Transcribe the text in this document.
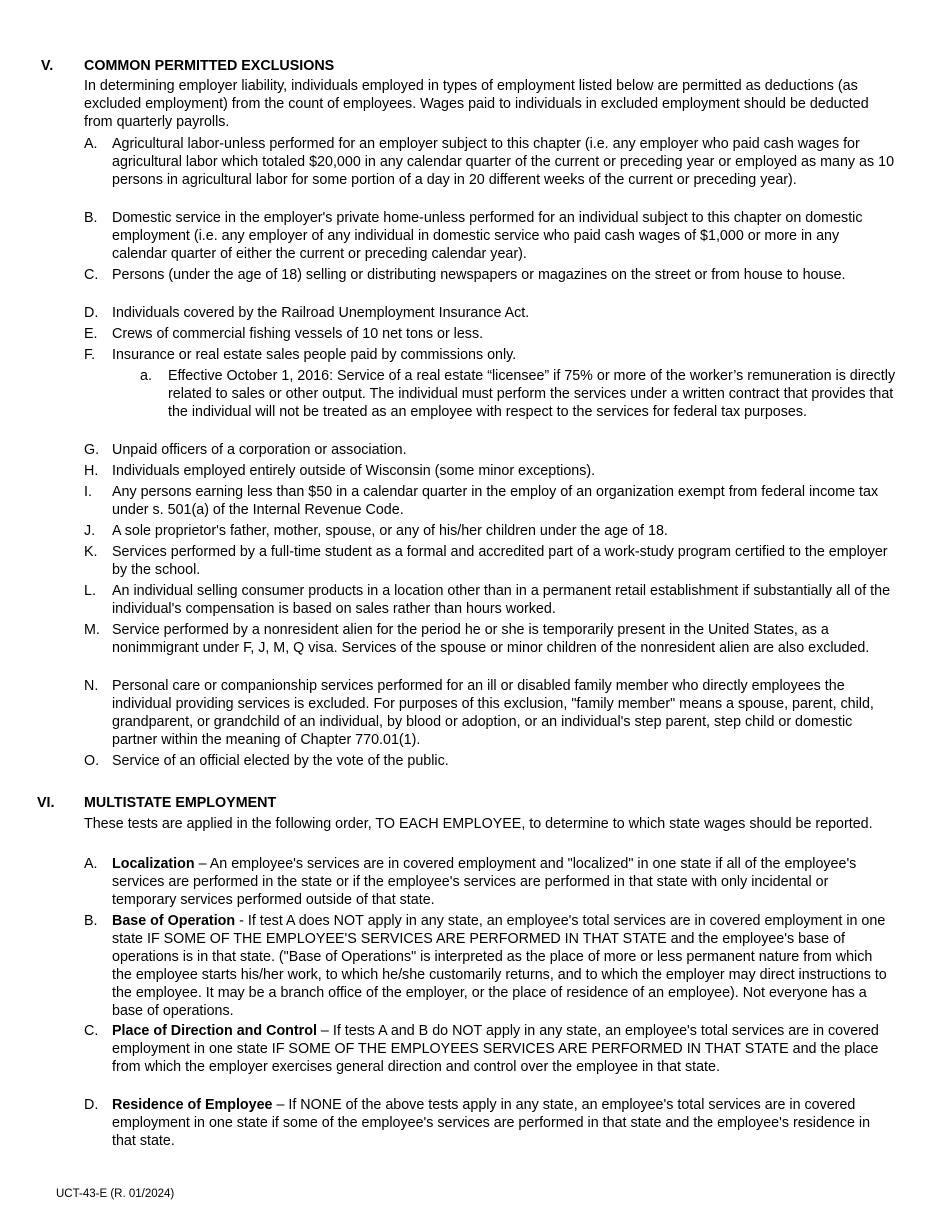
V. COMMON PERMITTED EXCLUSIONS
In determining employer liability, individuals employed in types of employment listed below are permitted as deductions (as excluded employment) from the count of employees. Wages paid to individuals in excluded employment should be deducted from quarterly payrolls.
A. Agricultural labor-unless performed for an employer subject to this chapter (i.e. any employer who paid cash wages for agricultural labor which totaled $20,000 in any calendar quarter of the current or preceding year or employed as many as 10 persons in agricultural labor for some portion of a day in 20 different weeks of the current or preceding year).
B. Domestic service in the employer's private home-unless performed for an individual subject to this chapter on domestic employment (i.e. any employer of any individual in domestic service who paid cash wages of $1,000 or more in any calendar quarter of either the current or preceding calendar year).
C. Persons (under the age of 18) selling or distributing newspapers or magazines on the street or from house to house.
D. Individuals covered by the Railroad Unemployment Insurance Act.
E. Crews of commercial fishing vessels of 10 net tons or less.
F. Insurance or real estate sales people paid by commissions only.
a. Effective October 1, 2016: Service of a real estate “licensee” if 75% or more of the worker’s remuneration is directly related to sales or other output. The individual must perform the services under a written contract that provides that the individual will not be treated as an employee with respect to the services for federal tax purposes.
G. Unpaid officers of a corporation or association.
H. Individuals employed entirely outside of Wisconsin (some minor exceptions).
I. Any persons earning less than $50 in a calendar quarter in the employ of an organization exempt from federal income tax under s. 501(a) of the Internal Revenue Code.
J. A sole proprietor's father, mother, spouse, or any of his/her children under the age of 18.
K. Services performed by a full-time student as a formal and accredited part of a work-study program certified to the employer by the school.
L. An individual selling consumer products in a location other than in a permanent retail establishment if substantially all of the individual's compensation is based on sales rather than hours worked.
M. Service performed by a nonresident alien for the period he or she is temporarily present in the United States, as a nonimmigrant under F, J, M, Q visa. Services of the spouse or minor children of the nonresident alien are also excluded.
N. Personal care or companionship services performed for an ill or disabled family member who directly employees the individual providing services is excluded. For purposes of this exclusion, "family member" means a spouse, parent, child, grandparent, or grandchild of an individual, by blood or adoption, or an individual's step parent, step child or domestic partner within the meaning of Chapter 770.01(1).
O. Service of an official elected by the vote of the public.
VI. MULTISTATE EMPLOYMENT
These tests are applied in the following order, TO EACH EMPLOYEE, to determine to which state wages should be reported.
A. Localization – An employee's services are in covered employment and "localized" in one state if all of the employee's services are performed in the state or if the employee's services are performed in that state with only incidental or temporary services performed outside of that state.
B. Base of Operation - If test A does NOT apply in any state, an employee's total services are in covered employment in one state IF SOME OF THE EMPLOYEE'S SERVICES ARE PERFORMED IN THAT STATE and the employee's base of operations is in that state. ("Base of Operations" is interpreted as the place of more or less permanent nature from which the employee starts his/her work, to which he/she customarily returns, and to which the employer may direct instructions to the employee. It may be a branch office of the employer, or the place of residence of an employee). Not everyone has a base of operations.
C. Place of Direction and Control – If tests A and B do NOT apply in any state, an employee's total services are in covered employment in one state IF SOME OF THE EMPLOYEES SERVICES ARE PERFORMED IN THAT STATE and the place from which the employer exercises general direction and control over the employee in that state.
D. Residence of Employee – If NONE of the above tests apply in any state, an employee's total services are in covered employment in one state if some of the employee's services are performed in that state and the employee's residence in that state.
UCT-43-E (R. 01/2024)
